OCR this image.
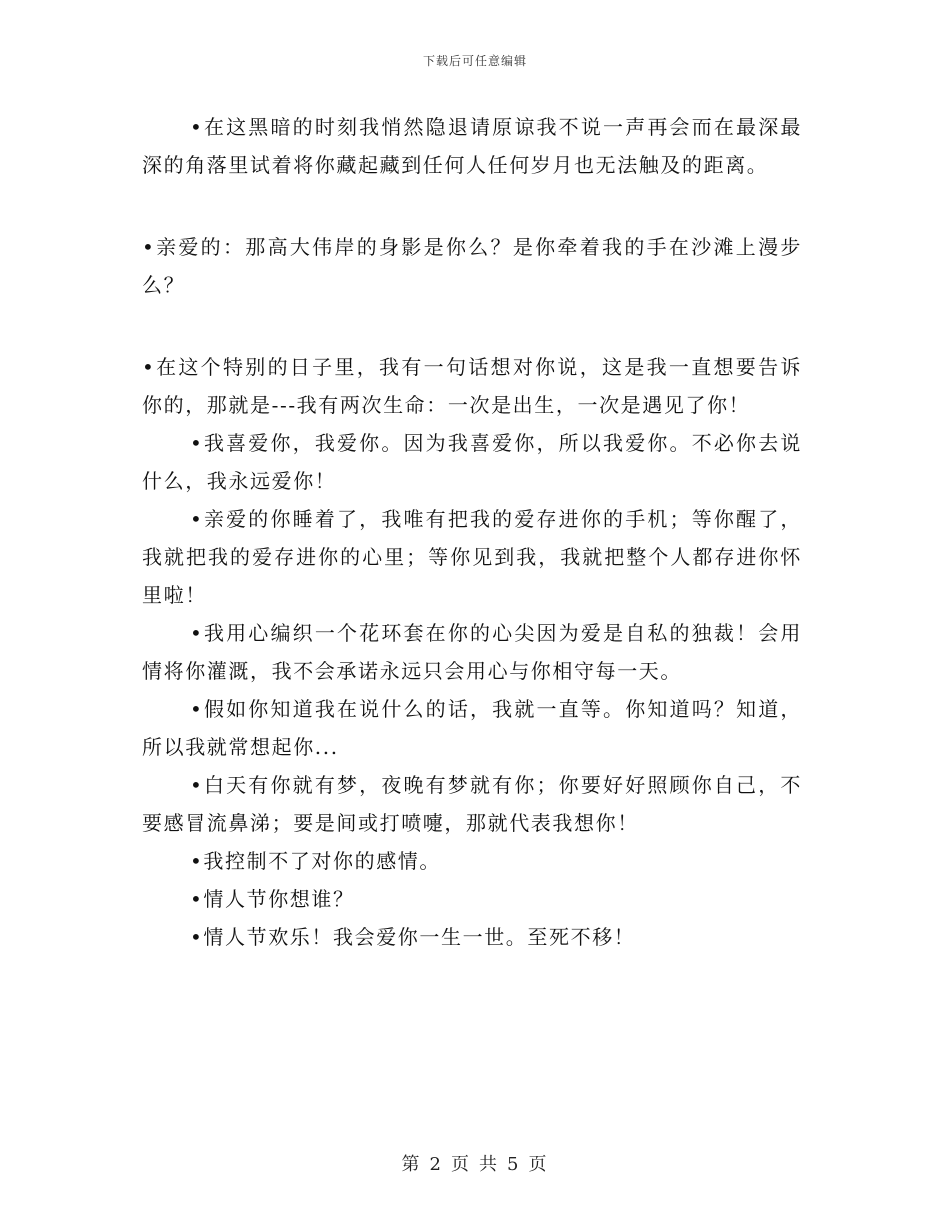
下载后可任意编辑

•在这黑暗的时刻我悄然隐退请原谅我不说一声再会而在最深最深的角落里试着将你藏起藏到任何人任何岁月也无法触及的距离。

•亲爱的：那高大伟岸的身影是你么？是你牵着我的手在沙滩上漫步么？

•在这个特别的日子里，我有一句话想对你说，这是我一直想要告诉你的，那就是---我有两次生命：一次是出生，一次是遇见了你！

•我喜爱你，我爱你。因为我喜爱你，所以我爱你。不必你去说什么，我永远爱你！

•亲爱的你睡着了，我唯有把我的爱存进你的手机；等你醒了，我就把我的爱存进你的心里；等你见到我，我就把整个人都存进你怀里啦！

•我用心编织一个花环套在你的心尖因为爱是自私的独裁！会用情将你灌溉，我不会承诺永远只会用心与你相守每一天。

•假如你知道我在说什么的话，我就一直等。你知道吗？知道，所以我就常想起你...

•白天有你就有梦，夜晚有梦就有你；你要好好照顾你自己，不要感冒流鼻涕；要是间或打喷嚏，那就代表我想你！

•我控制不了对你的感情。

•情人节你想谁？

•情人节欢乐！我会爱你一生一世。至死不移！

第 2 页 共 5 页
